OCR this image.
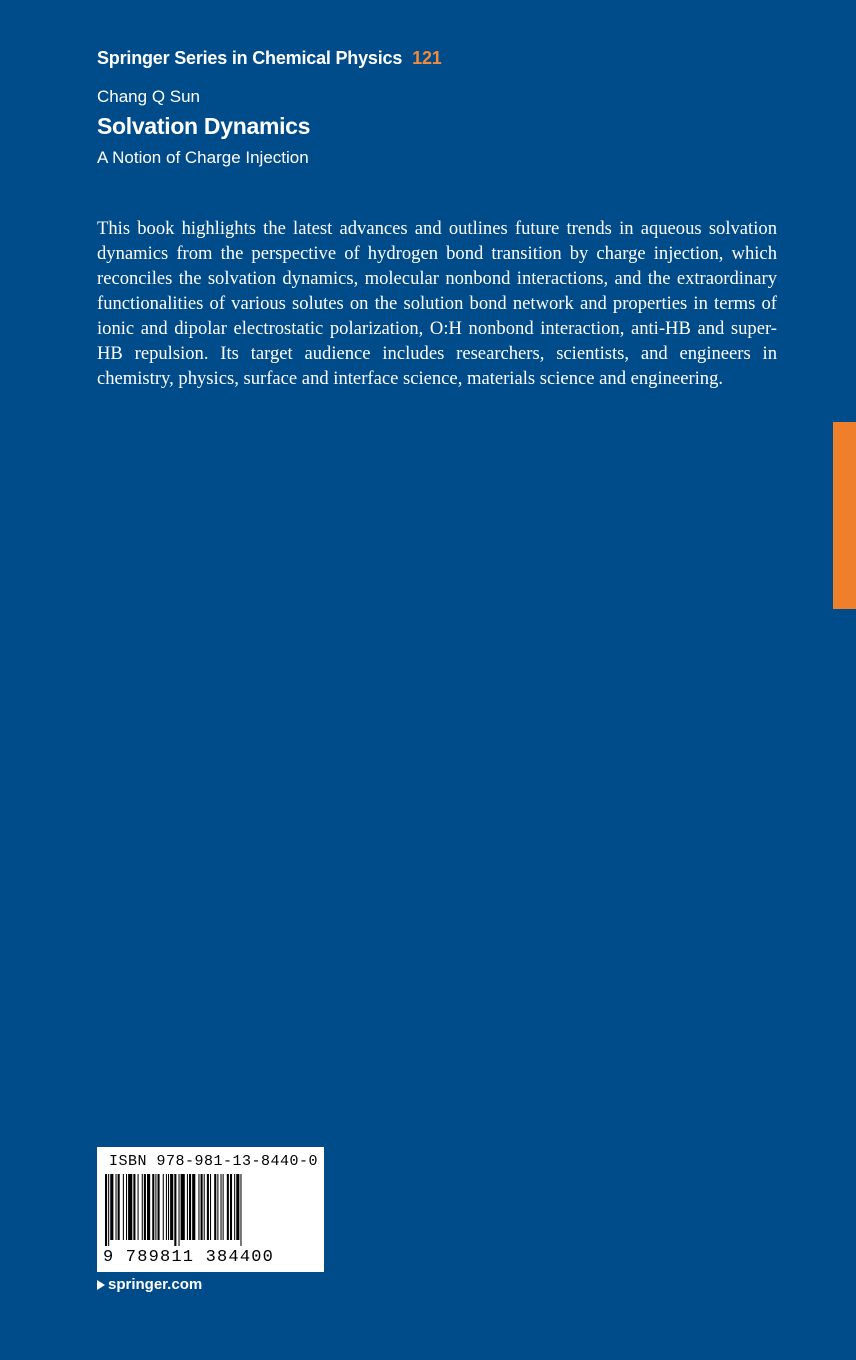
Springer Series in Chemical Physics 121
Chang Q Sun
Solvation Dynamics
A Notion of Charge Injection

This book highlights the latest advances and outlines future trends in aqueous solvation dynamics from the perspective of hydrogen bond transition by charge injection, which reconciles the solvation dynamics, molecular nonbond interactions, and the extraordinary functionalities of various solutes on the solution bond network and properties in terms of ionic and dipolar electrostatic polarization, O:H nonbond interaction, anti-HB and super-HB repulsion. Its target audience includes researchers, scientists, and engineers in chemistry, physics, surface and interface science, materials science and engineering.

ISBN 978-981-13-8440-0
9 789811 384400
springer.com
